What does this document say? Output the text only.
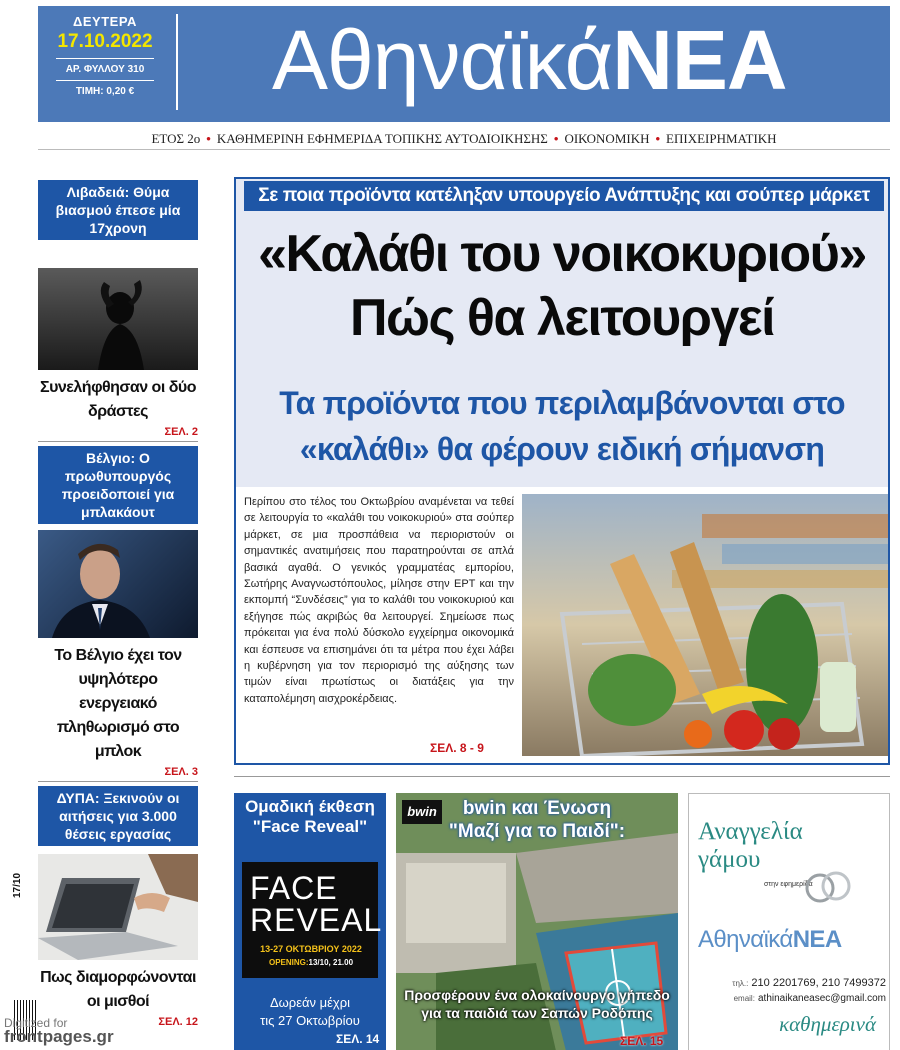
ΔΕΥΤΕΡΑ
17.10.2022
ΑΡ. ΦΥΛΛΟΥ 310
ΤΙΜΗ: 0,20 €	ΑθηναϊκάΝΕΑ
ΕΤΟΣ 2ο • ΚΑΘΗΜΕΡΙΝΗ ΕΦΗΜΕΡΙΔΑ ΤΟΠΙΚΗΣ ΑΥΤΟΔΙΟΙΚΗΣΗΣ • ΟΙΚΟΝΟΜΙΚΗ • ΕΠΙΧΕΙΡΗΜΑΤΙΚΗ
Λιβαδειά: Θύμα βιασμού έπεσε μία 17χρονη
Συνελήφθησαν οι δύο δράστες
ΣΕΛ. 2
Βέλγιο: Ο πρωθυπουργός προειδοποιεί για μπλακάουτ
Το Βέλγιο έχει τον υψηλότερο ενεργειακό πληθωρισμό στο μπλοκ
ΣΕΛ. 3
ΔΥΠΑ: Ξεκινούν οι αιτήσεις για 3.000 θέσεις εργασίας
Πως διαμορφώνονται οι μισθοί
ΣΕΛ. 12
17/10
Digitized for
frontpages.gr
Σε ποια προϊόντα κατέληξαν υπουργείο Ανάπτυξης και σούπερ μάρκετ
«Καλάθι του νοικοκυριού»
Πώς θα λειτουργεί
Τα προϊόντα που περιλαμβάνονται στο
«καλάθι» θα φέρουν ειδική σήμανση
Περίπου στο τέλος του Οκτωβρίου αναμένεται να τεθεί σε λειτουργία το «καλάθι του νοικοκυριού» στα σούπερ μάρκετ, σε μια προσπάθεια να περιοριστούν οι σημαντικές ανατιμήσεις που παρατηρούνται σε απλά βασικά αγαθά. Ο γενικός γραμματέας εμπορίου, Σωτήρης Αναγνωστόπουλος, μίλησε στην ΕΡΤ και την εκπομπή “Συνδέσεις” για το καλάθι του νοικοκυριού και εξήγησε πώς ακριβώς θα λειτουργεί. Σημείωσε πως πρόκειται για ένα πολύ δύσκολο εγχείρημα οικονομικά και έσπευσε να επισημάνει ότι τα μέτρα που έχει λάβει η κυβέρνηση για τον περιορισμό της αύξησης των τιμών είναι πρωτίστως οι διατάξεις για την καταπολέμηση αισχροκέρδειας.
ΣΕΛ. 8 - 9
Ομαδική έκθεση
"Face Reveal"
FACE
REVEAL
13-27 ΟΚΤΩΒΡΙΟΥ 2022
OPENING:13/10, 21.00
Δωρεάν μέχρι
τις 27 Οκτωβρίου
ΣΕΛ. 14
bwin	bwin και Ένωση
"Μαζί για το Παιδί":
Προσφέρουν ένα ολοκαίνουργο γήπεδο
για τα παιδιά των Σαπών Ροδόπης
ΣΕΛ. 15
Αναγγελία
γάμου
στην εφημερίδα
ΑθηναϊκάΝΕΑ
τηλ.: 210 2201769, 210 7499372
email: athinaikaneasec@gmail.com
καθημερινά
